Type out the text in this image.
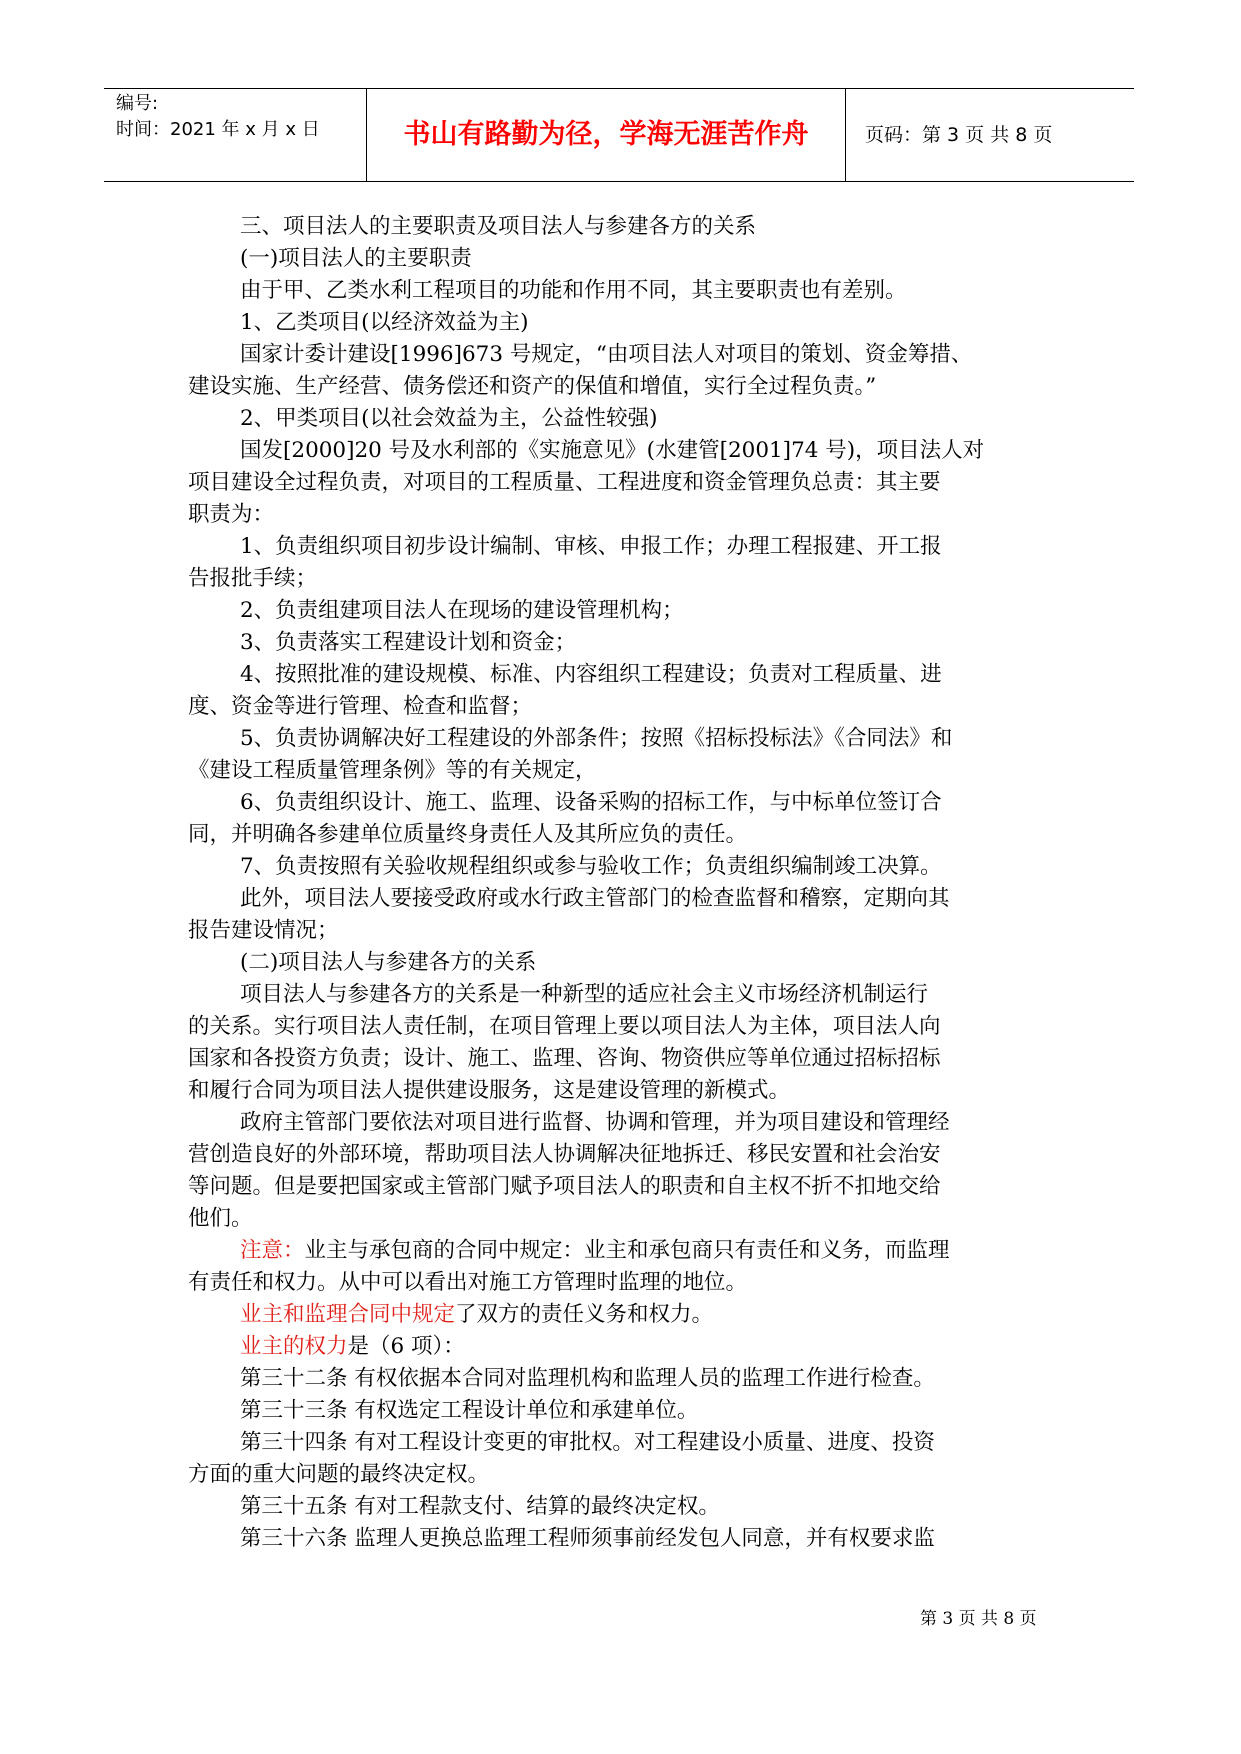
编号:
时间：2021 年 x 月 x 日	书山有路勤为径，学海无涯苦作舟	页码：第 3 页 共 8 页
三、项目法人的主要职责及项目法人与参建各方的关系
(一)项目法人的主要职责
由于甲、乙类水利工程项目的功能和作用不同，其主要职责也有差别。
1、乙类项目(以经济效益为主)
国家计委计建设[1996]673 号规定，“由项目法人对项目的策划、资金筹措、
建设实施、生产经营、债务偿还和资产的保值和增值，实行全过程负责。”
2、甲类项目(以社会效益为主，公益性较强)
国发[2000]20 号及水利部的《实施意见》(水建管[2001]74 号)，项目法人对
项目建设全过程负责，对项目的工程质量、工程进度和资金管理负总责：其主要
职责为：
1、负责组织项目初步设计编制、审核、申报工作；办理工程报建、开工报
告报批手续；
2、负责组建项目法人在现场的建设管理机构；
3、负责落实工程建设计划和资金；
4、按照批准的建设规模、标准、内容组织工程建设；负责对工程质量、进
度、资金等进行管理、检查和监督；
5、负责协调解决好工程建设的外部条件；按照《招标投标法》《合同法》和
《建设工程质量管理条例》等的有关规定，
6、负责组织设计、施工、监理、设备采购的招标工作，与中标单位签订合
同，并明确各参建单位质量终身责任人及其所应负的责任。
7、负责按照有关验收规程组织或参与验收工作；负责组织编制竣工决算。
此外，项目法人要接受政府或水行政主管部门的检查监督和稽察，定期向其
报告建设情况；
(二)项目法人与参建各方的关系
项目法人与参建各方的关系是一种新型的适应社会主义市场经济机制运行
的关系。实行项目法人责任制，在项目管理上要以项目法人为主体，项目法人向
国家和各投资方负责；设计、施工、监理、咨询、物资供应等单位通过招标招标
和履行合同为项目法人提供建设服务，这是建设管理的新模式。
政府主管部门要依法对项目进行监督、协调和管理，并为项目建设和管理经
营创造良好的外部环境，帮助项目法人协调解决征地拆迁、移民安置和社会治安
等问题。但是要把国家或主管部门赋予项目法人的职责和自主权不折不扣地交给
他们。
注意：业主与承包商的合同中规定：业主和承包商只有责任和义务，而监理
有责任和权力。从中可以看出对施工方管理时监理的地位。
业主和监理合同中规定了双方的责任义务和权力。
业主的权力是（6 项）：
第三十二条 有权依据本合同对监理机构和监理人员的监理工作进行检查。
第三十三条 有权选定工程设计单位和承建单位。
第三十四条 有对工程设计变更的审批权。对工程建设小质量、进度、投资
方面的重大问题的最终决定权。
第三十五条 有对工程款支付、结算的最终决定权。
第三十六条 监理人更换总监理工程师须事前经发包人同意，并有权要求监
第 3 页 共 8 页
